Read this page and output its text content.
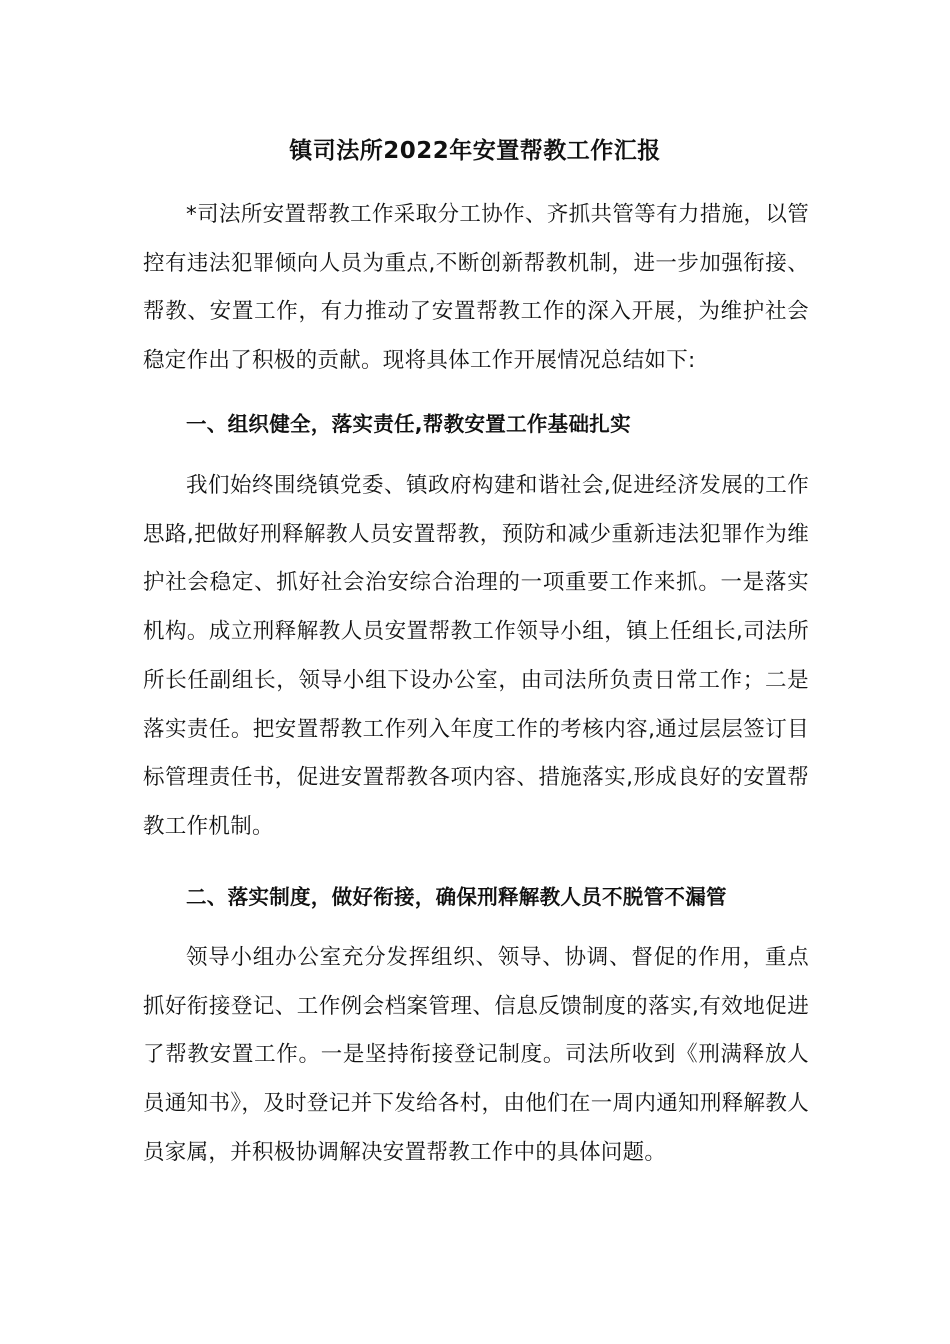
镇司法所2022年安置帮教工作汇报

*司法所安置帮教工作采取分工协作、齐抓共管等有力措施，以管控有违法犯罪倾向人员为重点,不断创新帮教机制，进一步加强衔接、帮教、安置工作，有力推动了安置帮教工作的深入开展，为维护社会稳定作出了积极的贡献。现将具体工作开展情况总结如下:

一、组织健全，落实责任,帮教安置工作基础扎实

我们始终围绕镇党委、镇政府构建和谐社会,促进经济发展的工作思路,把做好刑释解教人员安置帮教，预防和减少重新违法犯罪作为维护社会稳定、抓好社会治安综合治理的一项重要工作来抓。一是落实机构。成立刑释解教人员安置帮教工作领导小组，镇上任组长,司法所所长任副组长，领导小组下设办公室，由司法所负责日常工作；二是落实责任。把安置帮教工作列入年度工作的考核内容,通过层层签订目标管理责任书，促进安置帮教各项内容、措施落实,形成良好的安置帮教工作机制。

二、落实制度，做好衔接，确保刑释解教人员不脱管不漏管

领导小组办公室充分发挥组织、领导、协调、督促的作用，重点抓好衔接登记、工作例会档案管理、信息反馈制度的落实,有效地促进了帮教安置工作。一是坚持衔接登记制度。司法所收到《刑满释放人员通知书》，及时登记并下发给各村，由他们在一周内通知刑释解教人员家属，并积极协调解决安置帮教工作中的具体问题。
